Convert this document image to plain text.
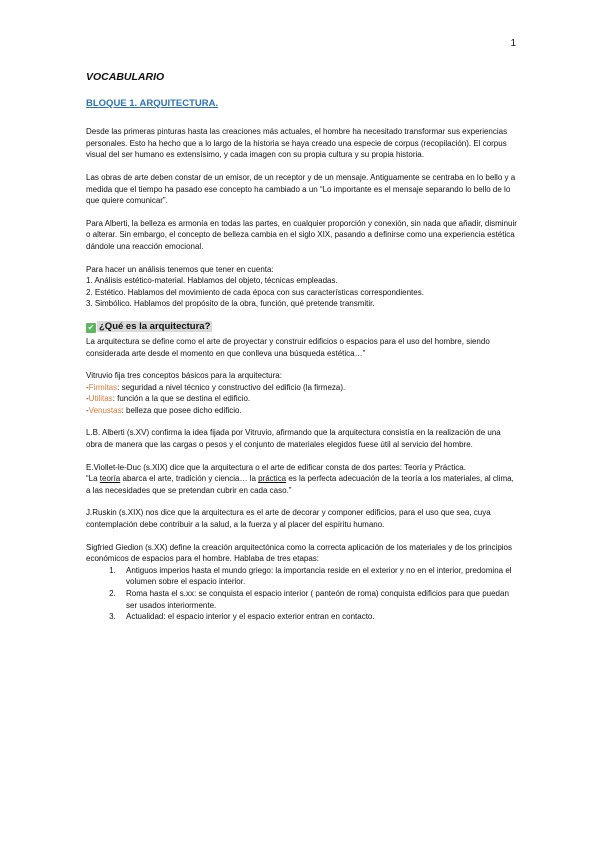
1
VOCABULARIO
BLOQUE 1. ARQUITECTURA.

Desde las primeras pinturas hasta las creaciones más actuales, el hombre ha necesitado transformar sus experiencias personales. Esto ha hecho que a lo largo de la historia se haya creado una especie de corpus (recopilación). El corpus visual del ser humano es extensísimo, y cada imagen con su propia cultura y su propia historia.

Las obras de arte deben constar de un emisor, de un receptor y de un mensaje. Antiguamente se centraba en lo bello y a medida que el tiempo ha pasado ese concepto ha cambiado a un “Lo importante es el mensaje separando lo bello de lo que quiere comunicar”.

Para Alberti, la belleza es armonía en todas las partes, en cualquier proporción y conexión, sin nada que añadir, disminuir o alterar. Sin embargo, el concepto de belleza cambia en el siglo XIX, pasando a definirse como una experiencia estética dándole una reacción emocional.

Para hacer un análisis tenemos que tener en cuenta:
1. Análisis estético-material. Hablamos del objeto, técnicas empleadas.
2. Estético. Hablamos del movimiento de cada época con sus características correspondientes.
3. Simbólico. Hablamos del propósito de la obra, función, qué pretende transmitir.
✔ ¿Qué es la arquitectura?

La arquitectura se define como el arte de proyectar y construir edificios o espacios para el uso del hombre, siendo considerada arte desde el momento en que conlleva una búsqueda estética…”

Vitruvio fija tres conceptos básicos para la arquitectura:
-Firmitas: seguridad a nivel técnico y constructivo del edificio (la firmeza).
-Utilitas: función a la que se destina el edificio.
-Venustas: belleza que posee dicho edificio.

L.B. Alberti (s.XV) confirma la idea fijada por Vitruvio, afirmando que la arquitectura consistía en la realización de una obra de manera que las cargas o pesos y el conjunto de materiales elegidos fuese útil al servicio del hombre.

E.Viollet-le-Duc (s.XIX) dice que la arquitectura o el arte de edificar consta de dos partes: Teoría y Práctica.
“La teoría abarca el arte, tradición y ciencia… la práctica es la perfecta adecuación de la teoría a los materiales, al clima, a las necesidades que se pretendan cubrir en cada caso.”

J.Ruskin (s.XIX) nos dice que la arquitectura es el arte de decorar y componer edificios, para el uso que sea, cuya contemplación debe contribuir a la salud, a la fuerza y al placer del espíritu humano.

Sigfried Giedion (s.XX) define la creación arquitectónica como la correcta aplicación de los materiales y de los principios económicos de espacios para el hombre. Hablaba de tres etapas:
1. Antiguos imperios hasta el mundo griego: la importancia reside en el exterior y no en el interior, predomina el volumen sobre el espacio interior.
2. Roma hasta el s.xx: se conquista el espacio interior ( panteón de roma) conquista edificios para que puedan ser usados interiormente.
3. Actualidad: el espacio interior y el espacio exterior entran en contacto.
